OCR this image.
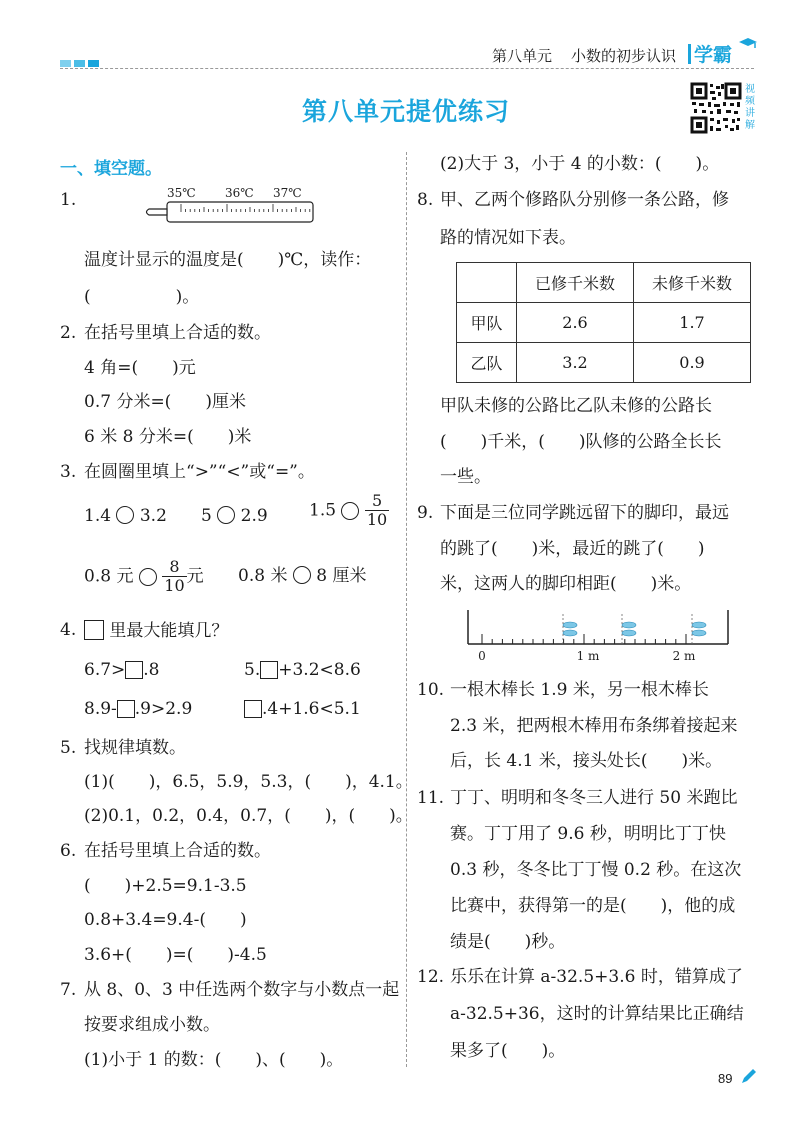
第八单元 小数的初步认识 学霸
第八单元提优练习
视频讲解
一、填空题。
1.	35℃ 36℃ 37℃
温度计显示的温度是(　　)℃，读作：
(　　　　　)。
2. 在括号里填上合适的数。
4 角=(　　)元
0.7 分米=(　　)厘米
6 米 8 分米=(　　)米
3. 在圆圈里填上“>”“<”或“=”。
1.4 3.2 5 2.9 $1.5 \frac{5}{10}$
0.8 元 $\frac{8}{10}$ 元 0.8 米 8 厘米
4.	里最大能填几？
6.7> .8	5. +3.2<8.6
8.9- .9>2.9	.4+1.6<5.1
5. 找规律填数。
(1)(　　)，6.5，5.9，5.3，(　　)，4.1。
(2)0.1，0.2，0.4，0.7，(　　)，(　　)。
6. 在括号里填上合适的数。
(　　)+2.5=9.1-3.5
0.8+3.4=9.4-(　　)
3.6+(　　)=(　　)-4.5
7. 从 8、0、3 中任选两个数字与小数点一起
按要求组成小数。
(1)小于 1 的数：(　　)、(　　)。
(2)大于 3，小于 4 的小数：(　　)。
8. 甲、乙两个修路队分别修一条公路，修
路的情况如下表。
	已修千米数	未修千米数
甲队	2.6	1.7
乙队	3.2	0.9
甲队未修的公路比乙队未修的公路长
(　　)千米，(　　)队修的公路全长长
一些。
9. 下面是三位同学跳远留下的脚印，最远
的跳了(　　)米，最近的跳了(　　)
米，这两人的脚印相距(　　)米。
0	1 m	2 m
10. 一根木棒长 1.9 米，另一根木棒长
2.3 米，把两根木棒用布条绑着接起来
后，长 4.1 米，接头处长(　　)米。
11. 丁丁、明明和冬冬三人进行 50 米跑比
赛。丁丁用了 9.6 秒，明明比丁丁快
0.3 秒，冬冬比丁丁慢 0.2 秒。在这次
比赛中，获得第一的是(　　)，他的成
绩是(　　)秒。
12. 乐乐在计算 a-32.5+3.6 时，错算成了
a-32.5+36，这时的计算结果比正确结
果多了(　　)。
89
